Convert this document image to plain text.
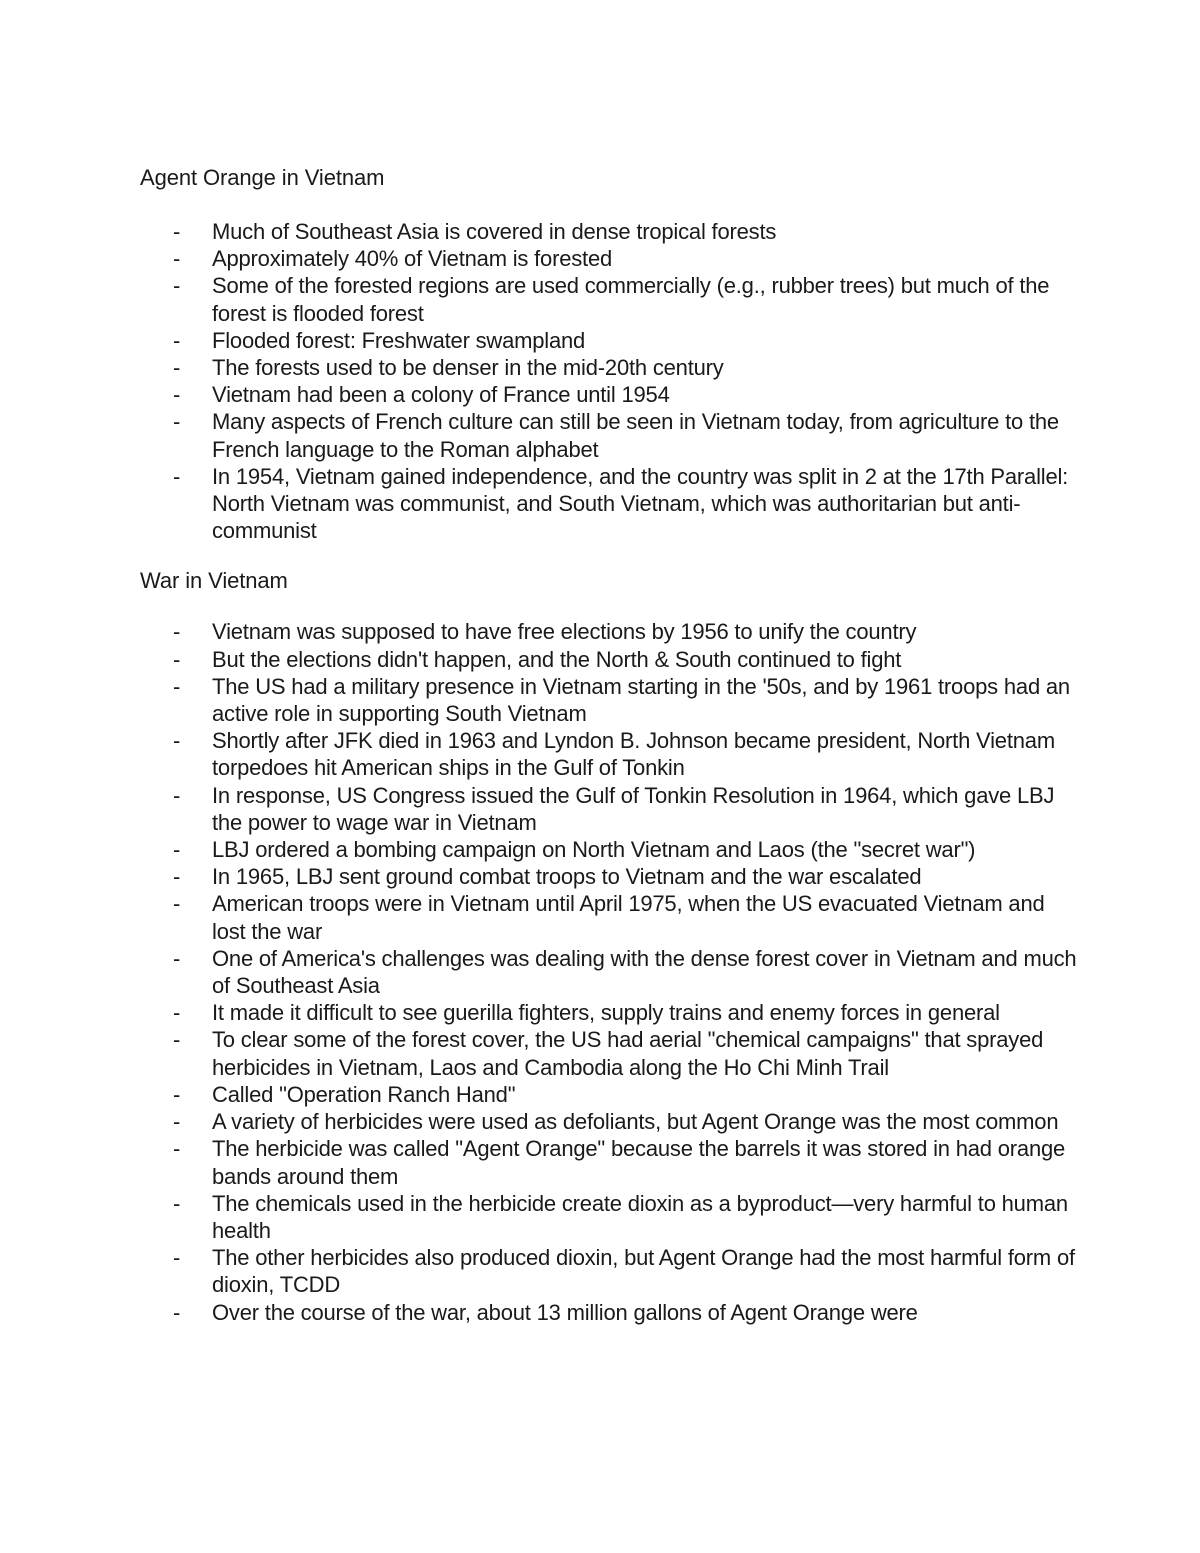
Agent Orange in Vietnam
- Much of Southeast Asia is covered in dense tropical forests
- Approximately 40% of Vietnam is forested
- Some of the forested regions are used commercially (e.g., rubber trees) but much of the forest is flooded forest
- Flooded forest: Freshwater swampland
- The forests used to be denser in the mid-20th century
- Vietnam had been a colony of France until 1954
- Many aspects of French culture can still be seen in Vietnam today, from agriculture to the French language to the Roman alphabet
- In 1954, Vietnam gained independence, and the country was split in 2 at the 17th Parallel: North Vietnam was communist, and South Vietnam, which was authoritarian but anti-communist
War in Vietnam
- Vietnam was supposed to have free elections by 1956 to unify the country
- But the elections didn't happen, and the North & South continued to fight
- The US had a military presence in Vietnam starting in the '50s, and by 1961 troops had an active role in supporting South Vietnam
- Shortly after JFK died in 1963 and Lyndon B. Johnson became president, North Vietnam torpedoes hit American ships in the Gulf of Tonkin
- In response, US Congress issued the Gulf of Tonkin Resolution in 1964, which gave LBJ the power to wage war in Vietnam
- LBJ ordered a bombing campaign on North Vietnam and Laos (the "secret war")
- In 1965, LBJ sent ground combat troops to Vietnam and the war escalated
- American troops were in Vietnam until April 1975, when the US evacuated Vietnam and lost the war
- One of America's challenges was dealing with the dense forest cover in Vietnam and much of Southeast Asia
- It made it difficult to see guerilla fighters, supply trains and enemy forces in general
- To clear some of the forest cover, the US had aerial "chemical campaigns" that sprayed herbicides in Vietnam, Laos and Cambodia along the Ho Chi Minh Trail
- Called "Operation Ranch Hand"
- A variety of herbicides were used as defoliants, but Agent Orange was the most common
- The herbicide was called "Agent Orange" because the barrels it was stored in had orange bands around them
- The chemicals used in the herbicide create dioxin as a byproduct—very harmful to human health
- The other herbicides also produced dioxin, but Agent Orange had the most harmful form of dioxin, TCDD
- Over the course of the war, about 13 million gallons of Agent Orange were
